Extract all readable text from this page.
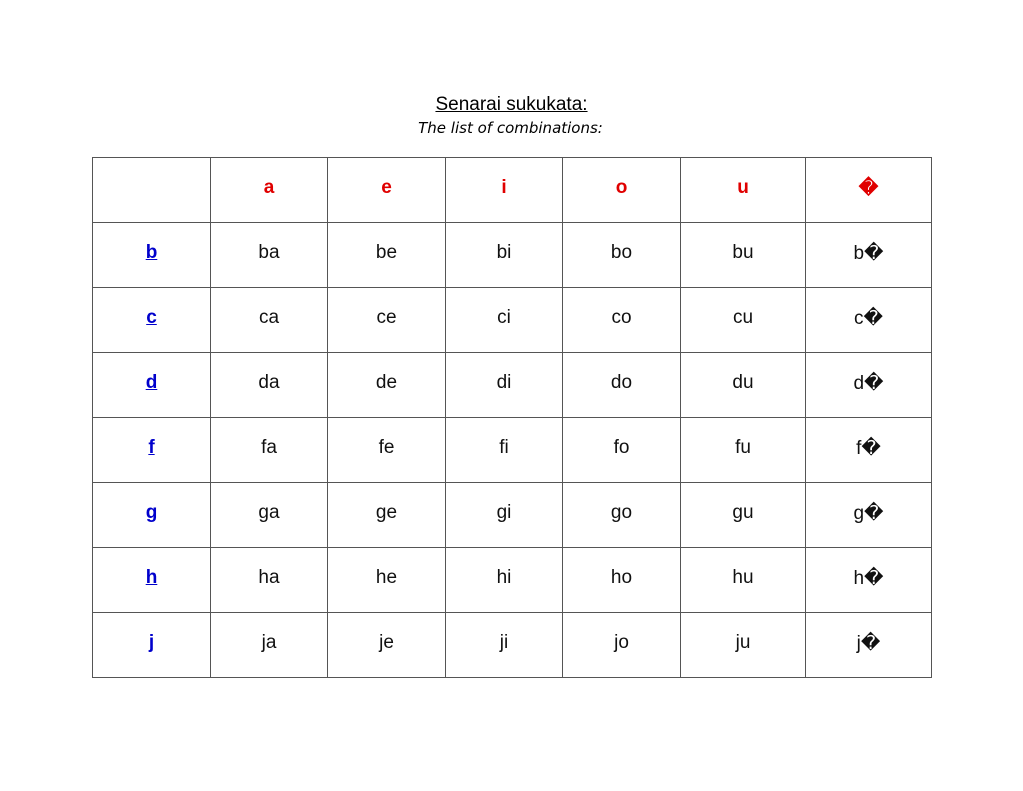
Senarai sukukata:
The list of combinations:
	a	e	i	o	u	�
b	ba	be	bi	bo	bu	b�
c	ca	ce	ci	co	cu	c�
d	da	de	di	do	du	d�
f	fa	fe	fi	fo	fu	f�
g	ga	ge	gi	go	gu	g�
h	ha	he	hi	ho	hu	h�
j	ja	je	ji	jo	ju	j�
